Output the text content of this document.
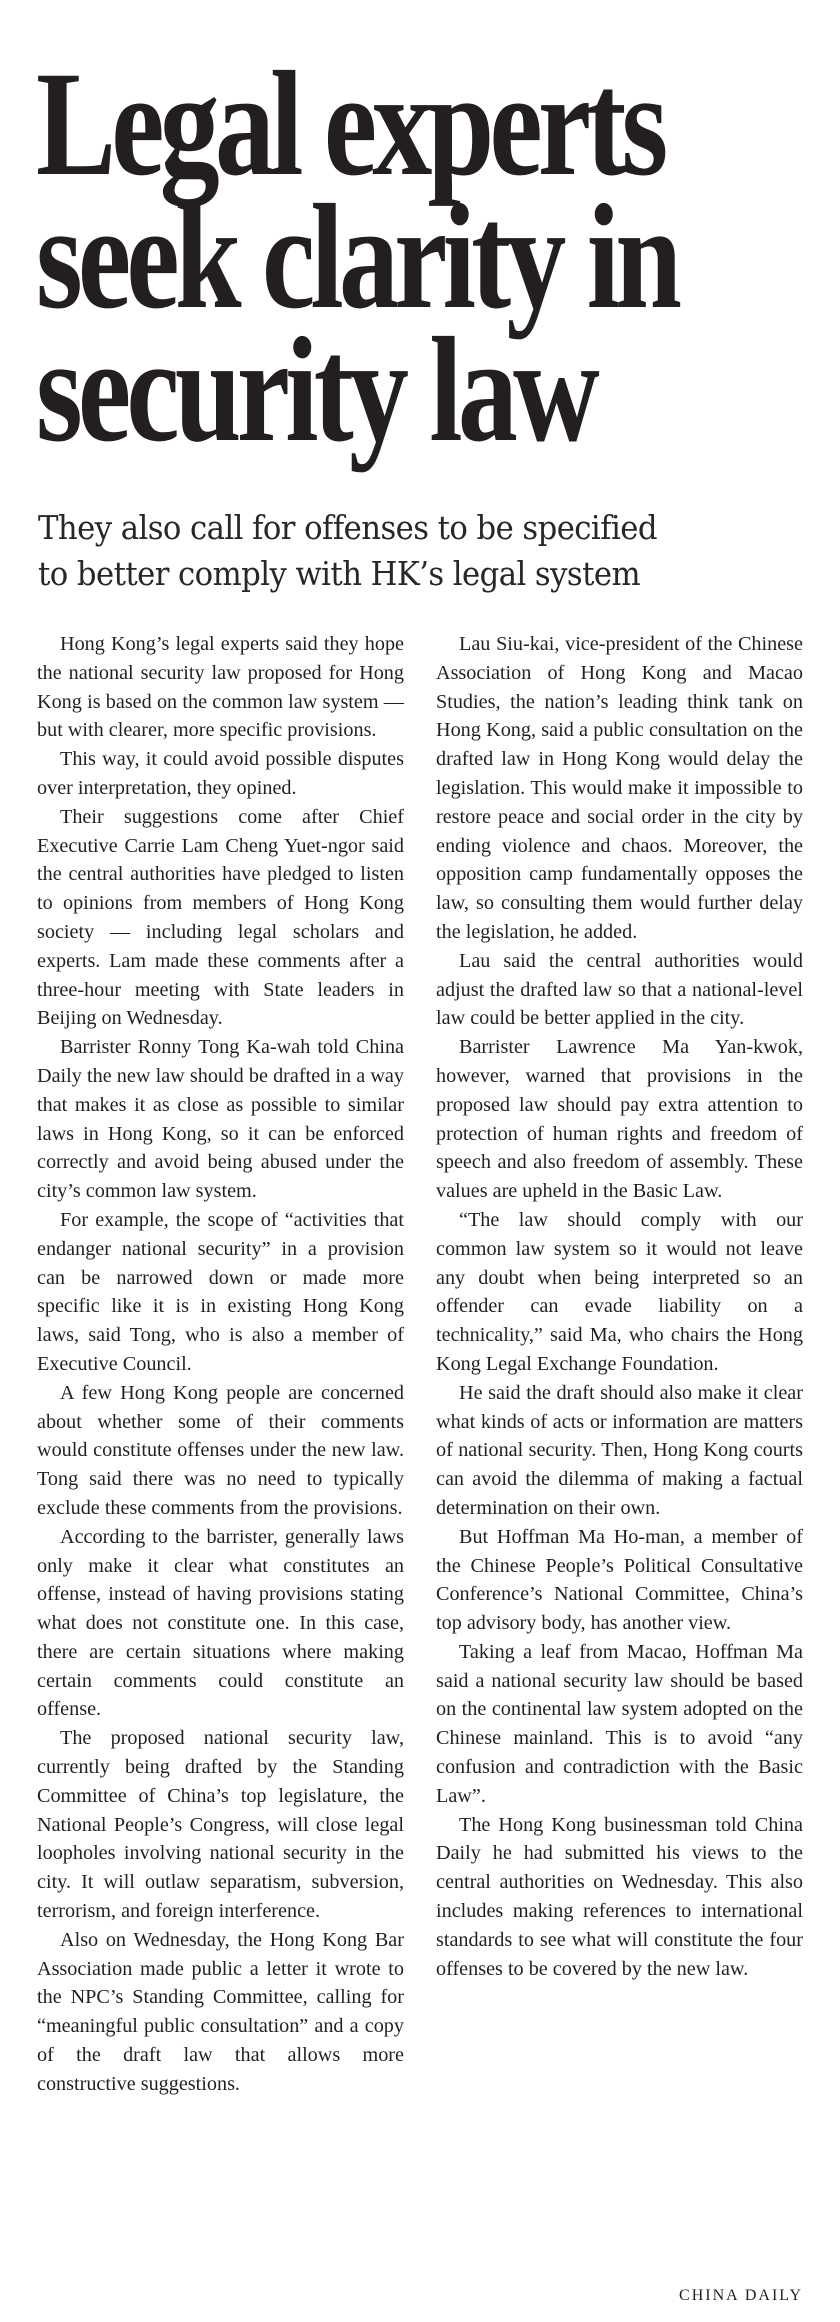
Legal experts
seek clarity in
security law
They also call for offenses to be specified
to better comply with HK’s legal system

Hong Kong’s legal experts said they hope the national security law proposed for Hong Kong is based on the common law system — but with clearer, more specific provisions.

This way, it could avoid possible disputes over interpretation, they opined.

Their suggestions come after Chief Executive Carrie Lam Cheng Yuet-ngor said the central authorities have pledged to listen to opinions from members of Hong Kong society — including legal scholars and experts. Lam made these comments after a three-hour meeting with State leaders in Beijing on Wednesday.

Barrister Ronny Tong Ka-wah told China Daily the new law should be drafted in a way that makes it as close as possible to similar laws in Hong Kong, so it can be enforced correctly and avoid being abused under the city’s common law system.

For example, the scope of “activities that endanger national security” in a provision can be narrowed down or made more specific like it is in existing Hong Kong laws, said Tong, who is also a member of Executive Council.

A few Hong Kong people are concerned about whether some of their comments would constitute offenses under the new law. Tong said there was no need to typically exclude these comments from the provisions.

According to the barrister, generally laws only make it clear what constitutes an offense, instead of having provisions stating what does not constitute one. In this case, there are certain situations where making certain comments could constitute an offense.

The proposed national security law, currently being drafted by the Standing Committee of China’s top legislature, the National People’s Congress, will close legal loopholes involving national security in the city. It will outlaw separatism, subversion, terrorism, and foreign interference.

Also on Wednesday, the Hong Kong Bar Association made public a letter it wrote to the NPC’s Standing Committee, calling for “meaningful public consultation” and a copy of the draft law that allows more constructive suggestions.

Lau Siu-kai, vice-president of the Chinese Association of Hong Kong and Macao Studies, the nation’s leading think tank on Hong Kong, said a public consultation on the drafted law in Hong Kong would delay the legislation. This would make it impossible to restore peace and social order in the city by ending violence and chaos. Moreover, the opposition camp fundamentally opposes the law, so consulting them would further delay the legislation, he added.

Lau said the central authorities would adjust the drafted law so that a national-level law could be better applied in the city.

Barrister Lawrence Ma Yan-kwok, however, warned that provisions in the proposed law should pay extra attention to protection of human rights and freedom of speech and also freedom of assembly. These values are upheld in the Basic Law.

“The law should comply with our common law system so it would not leave any doubt when being interpreted so an offender can evade liability on a technicality,” said Ma, who chairs the Hong Kong Legal Exchange Foundation.

He said the draft should also make it clear what kinds of acts or information are matters of national security. Then, Hong Kong courts can avoid the dilemma of making a factual determination on their own.

But Hoffman Ma Ho-man, a member of the Chinese People’s Political Consultative Conference’s National Committee, China’s top advisory body, has another view.

Taking a leaf from Macao, Hoffman Ma said a national security law should be based on the continental law system adopted on the Chinese mainland. This is to avoid “any confusion and contradiction with the Basic Law”.

The Hong Kong businessman told China Daily he had submitted his views to the central authorities on Wednesday. This also includes making references to international standards to see what will constitute the four offenses to be covered by the new law.

CHINA DAILY
